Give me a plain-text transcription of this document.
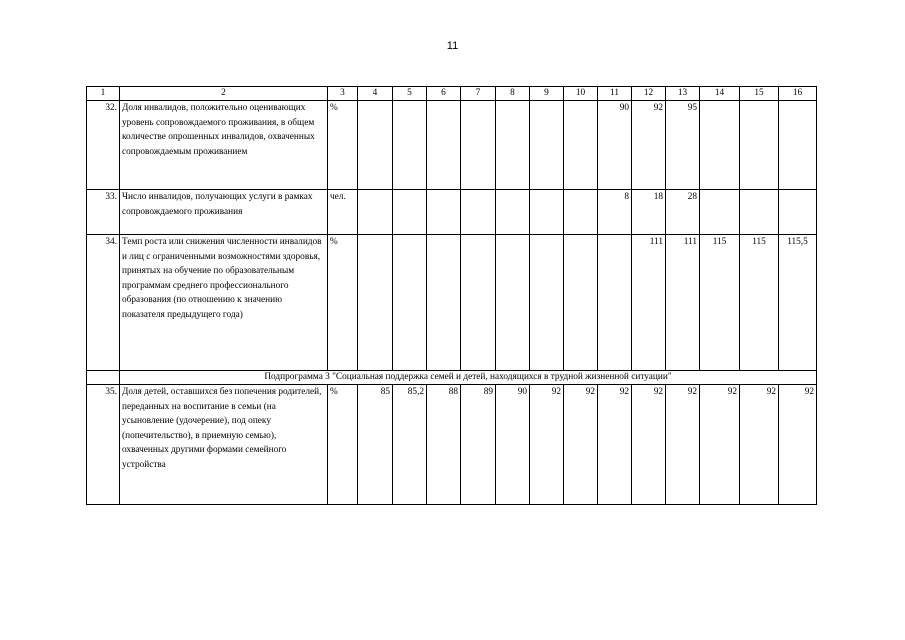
11
1	2	3	4	5	6	7	8	9	10	11	12	13	14	15	16
32.	Доля инвалидов, положительно оценивающих уровень сопровождаемого проживания, в общем количестве опрошенных инвалидов, охваченных сопровождаемым проживанием	%								90	92	95			
33.	Число инвалидов, получающих услуги в рамках сопровождаемого проживания	чел.								8	18	28			
34.	Темп роста или снижения численности инвалидов и лиц с ограниченными возможностями здоровья, принятых на обучение по образовательным программам среднего профессионального образования (по отношению к значению показателя предыдущего года)	%									111	111	115	115	115,5
	Подпрограмма 3 "Социальная поддержка семей и детей, находящихся в трудной жизненной ситуации"														
35.	Доля детей, оставшихся без попечения родителей, переданных на воспитание в семьи (на усыновление (удочерение), под опеку (попечительство), в приемную семью), охваченных другими формами семейного устройства	%	85	85,2	88	89	90	92	92	92	92	92	92	92	92
